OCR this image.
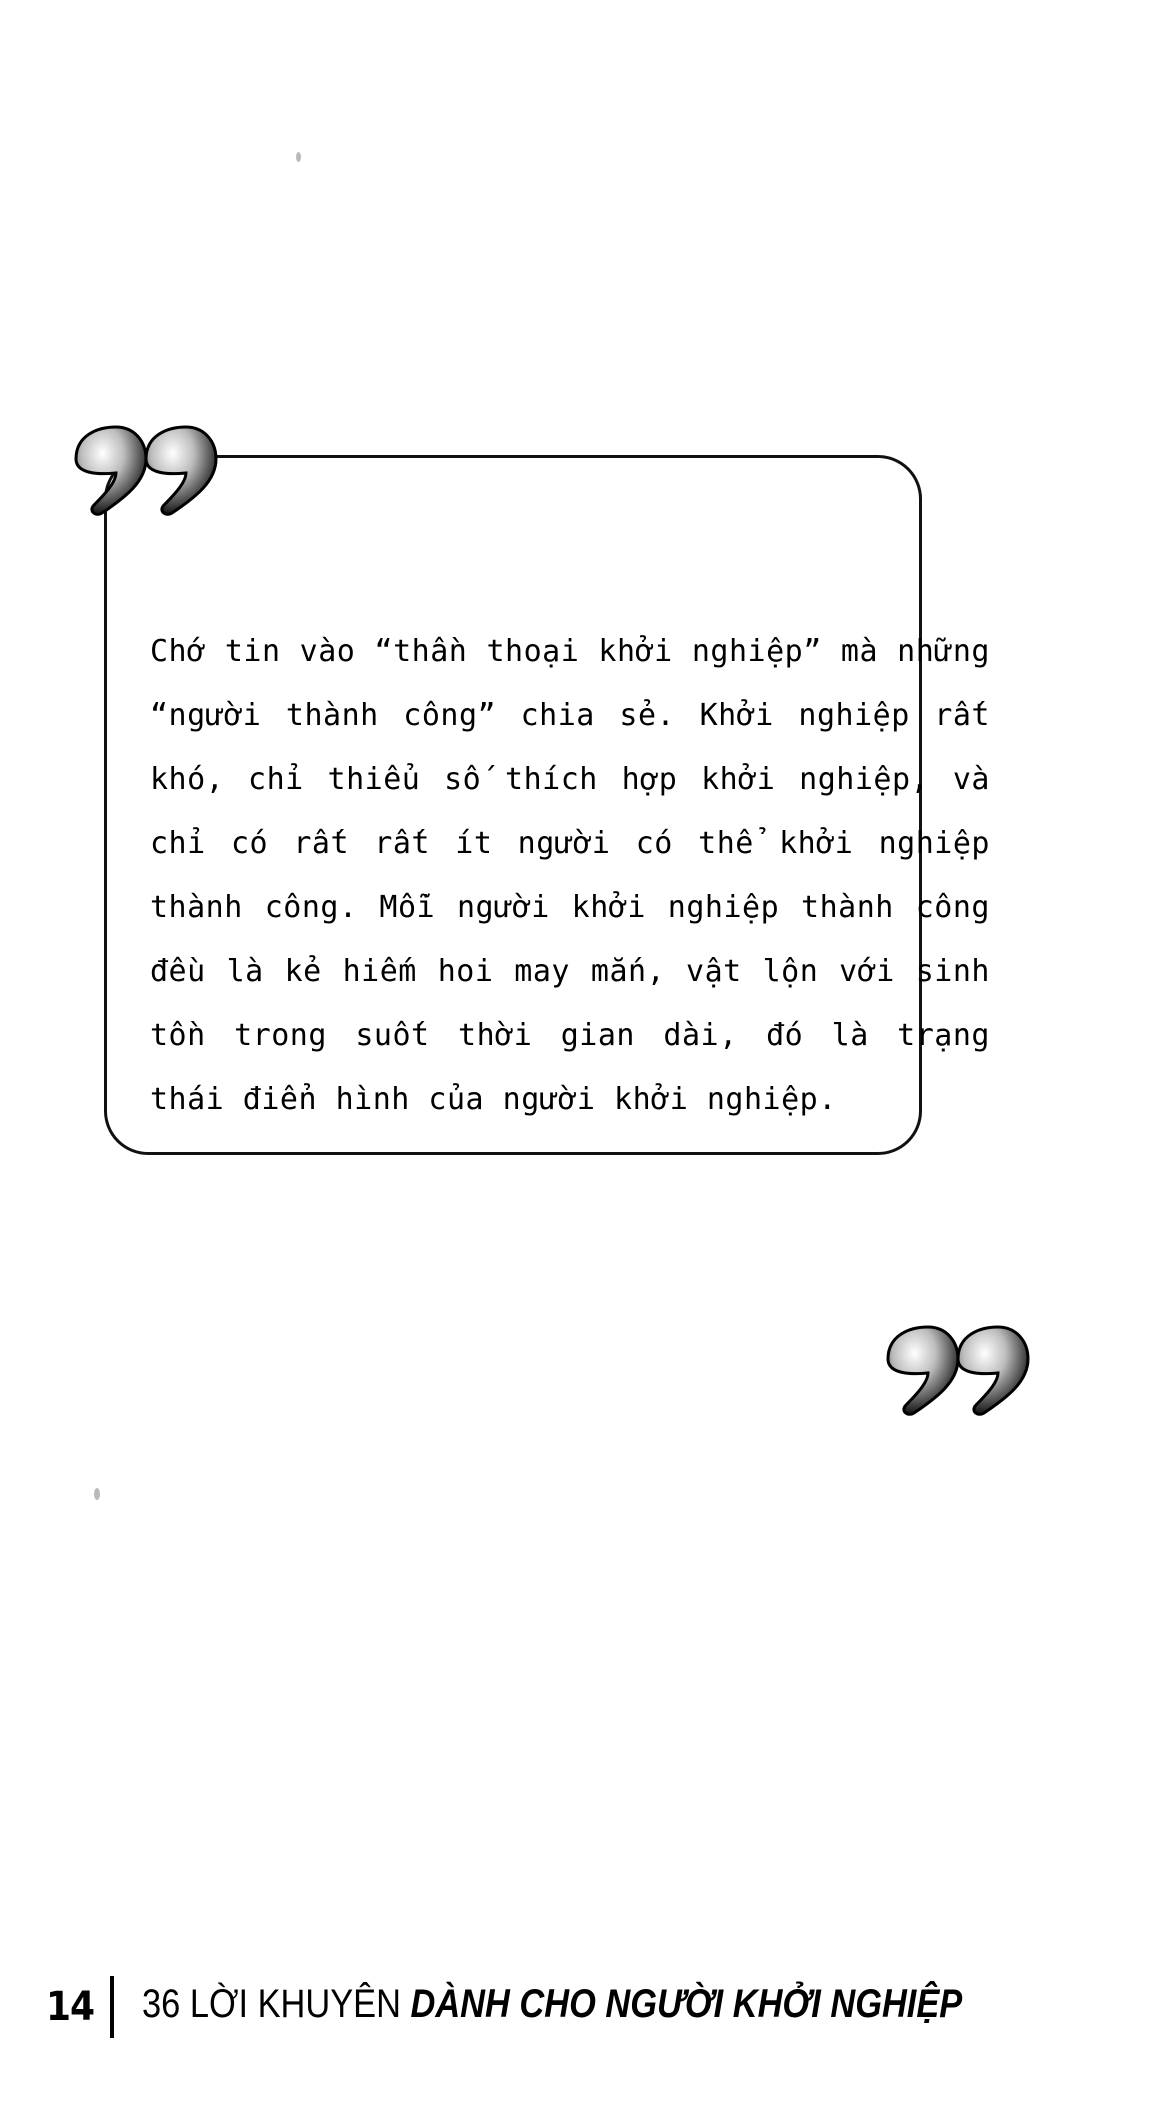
Chớ tin vào “thần thoại khởi nghiệp” mà những “người thành công” chia sẻ. Khởi nghiệp rất khó, chỉ thiểu số thích hợp khởi nghiệp, và chỉ có rất rất ít người có thể khởi nghiệp thành công. Mỗi người khởi nghiệp thành công đều là kẻ hiếm hoi may mắn, vật lộn với sinh tồn trong suốt thời gian dài, đó là trạng thái điển hình của người khởi nghiệp.

14 36 LỜI KHUYÊN DÀNH CHO NGƯỜI KHỞI NGHIỆP
